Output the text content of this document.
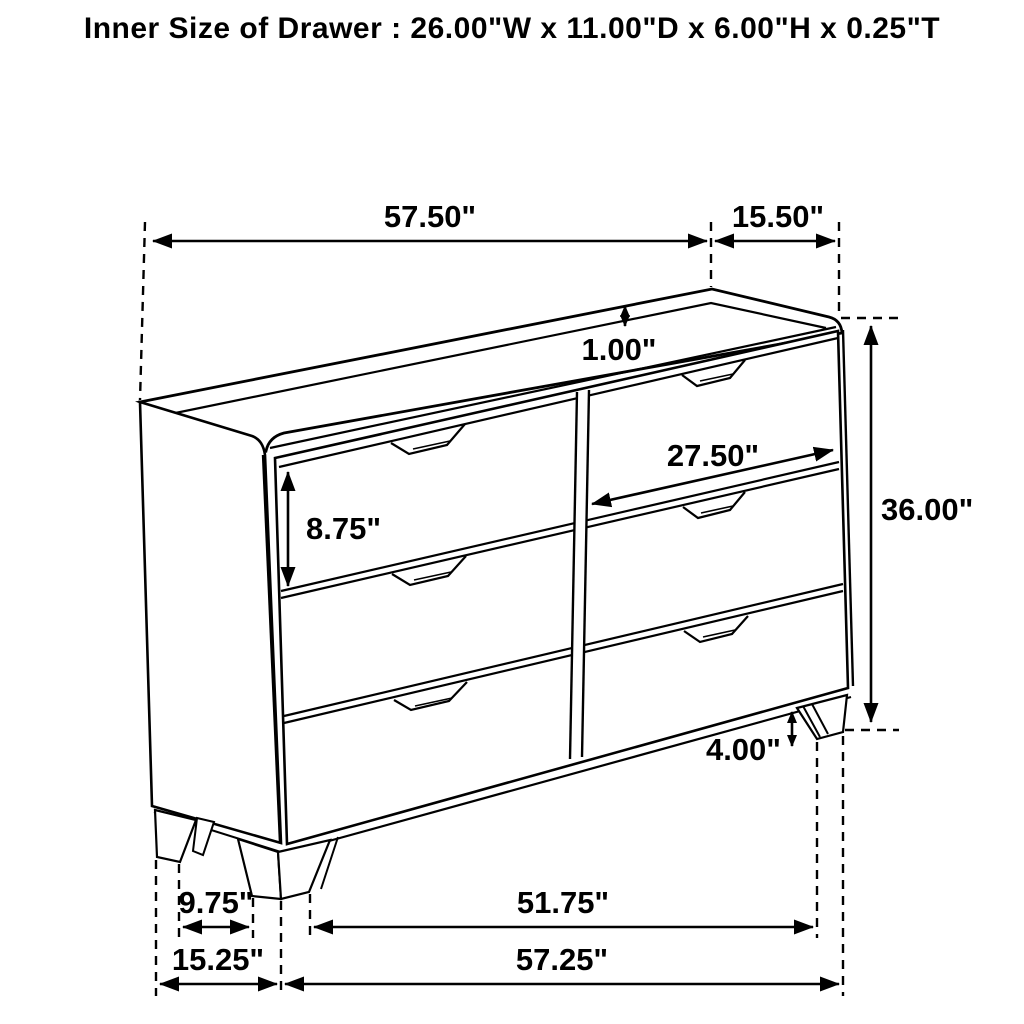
Inner Size of Drawer : 26.00"W x 11.00"D x 6.00"H x 0.25"T
57.50"	15.50"
1.00"
8.75"
27.50"
36.00"
4.00"
9.75"	51.75"
15.25"	57.25"
